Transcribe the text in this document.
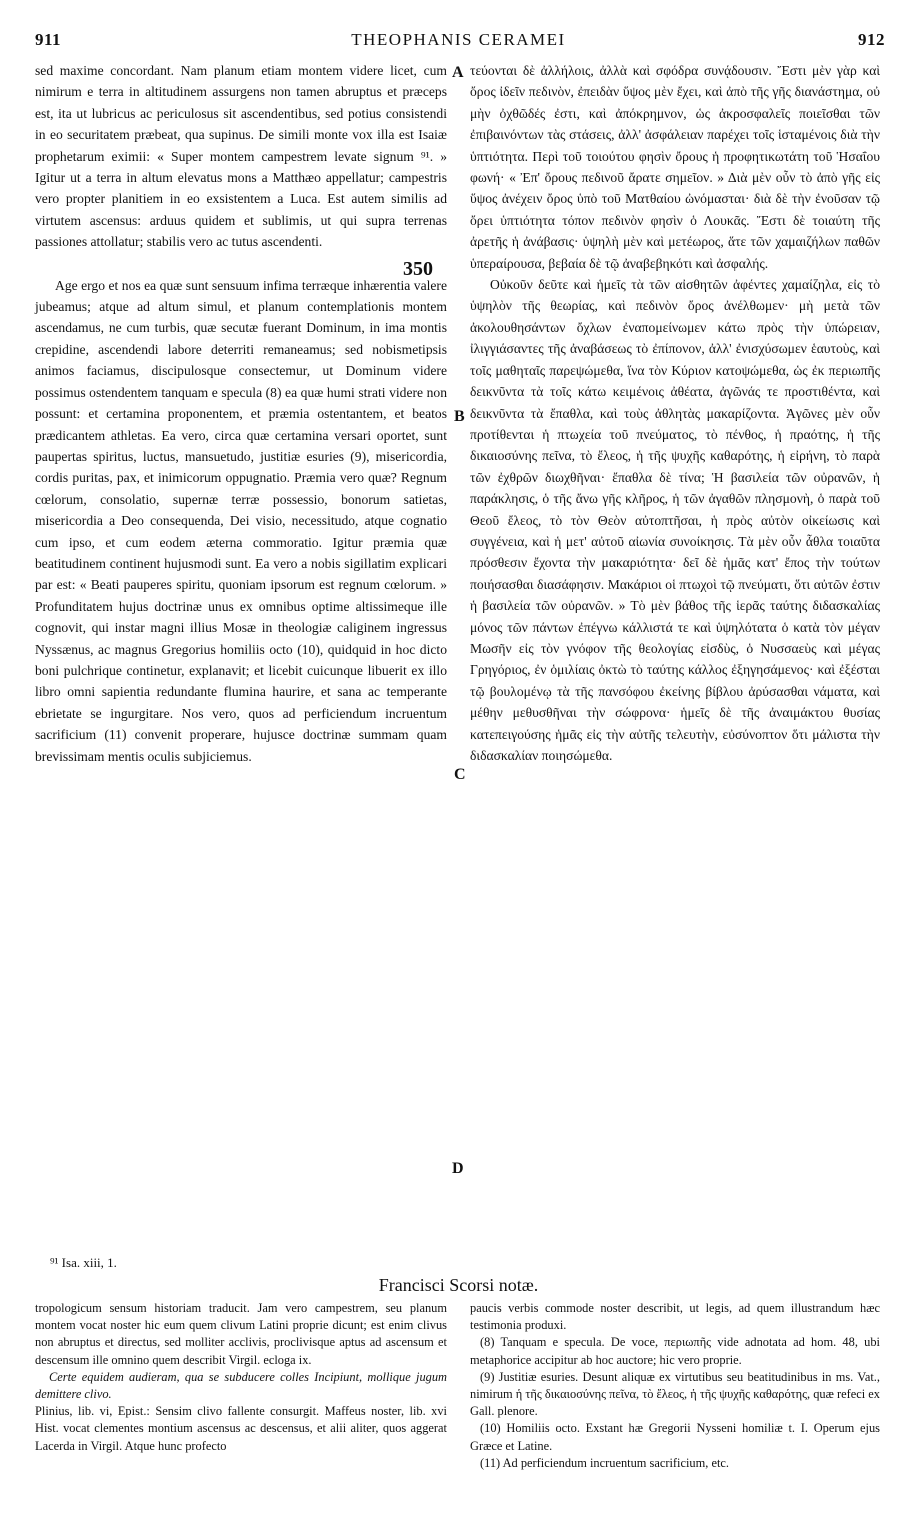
911	THEOPHANIS CERAMEI	912

sed maxime concordant. Nam planum etiam montem videre licet, cum nimirum e terra in altitudinem assurgens non tamen abruptus et præceps est, ita ut lubricus ac periculosus sit ascendentibus, sed potius consistendi in eo securitatem præbeat, qua supinus. De simili monte vox illa est Isaiæ prophetarum eximii: « Super montem campestrem levate signum ⁹¹. » Igitur ut a terra in altum elevatus mons a Matthæo appellatur; campestris vero propter planitiem in eo exsistentem a Luca. Est autem similis ad virtutem ascensus: arduus quidem et sublimis, ut qui supra terrenas passiones attollatur; stabilis vero ac tutus ascendenti.

Age ergo et nos ea quæ sunt sensuum infima terræque inhærentia valere jubeamus; atque ad altum simul, et planum contemplationis montem ascendamus, ne cum turbis, quæ secutæ fuerant Dominum, in ima montis crepidine, ascendendi labore deterriti remaneamus; sed nobismetipsis animos faciamus, discipulosque consectemur, ut Dominum videre possimus ostendentem tanquam e specula (8) ea quæ humi strati videre non possunt: et certamina proponentem, et præmia ostentantem, et beatos prædicantem athletas. Ea vero, circa quæ certamina versari oportet, sunt paupertas spiritus, luctus, mansuetudo, justitiæ esuries (9), misericordia, cordis puritas, pax, et inimicorum oppugnatio. Præmia vero quæ? Regnum cœlorum, consolatio, supernæ terræ possessio, bonorum satietas, misericordia a Deo consequenda, Dei visio, necessitudo, atque cognatio cum ipso, et cum eodem æterna commoratio. Igitur præmia quæ beatitudinem continent hujusmodi sunt. Ea vero a nobis sigillatim explicari par est: « Beati pauperes spiritu, quoniam ipsorum est regnum cœlorum. » Profunditatem hujus doctrinæ unus ex omnibus optime altissimeque ille cognovit, qui instar magni illius Mosæ in theologiæ caliginem ingressus Nyssænus, ac magnus Gregorius homiliis octo (10), quidquid in hoc dicto boni pulchrique continetur, explanavit; et licebit cuicunque libuerit ex illo libro omni sapientia redundante flumina haurire, et sana ac temperante ebrietate se ingurgitare. Nos vero, quos ad perficiendum incruentum sacrificium (11) convenit properare, hujusce doctrinæ summam quam brevissimam mentis oculis subjiciemus.

τεύονται δὲ ἀλλήλοις, ἀλλὰ καὶ σφόδρα συνᾴδουσιν. Ἔστι μὲν γὰρ καὶ ὄρος ἰδεῖν πεδινὸν, ἐπειδὰν ὕψος μὲν ἔχει, καὶ ἀπὸ τῆς γῆς διανάστημα, οὐ μὴν ὀχθῶδές ἐστι, καὶ ἀπόκρημνον, ὡς ἀκροσφαλεῖς ποιεῖσθαι τῶν ἐπιβαινόντων τὰς στάσεις, ἀλλ' ἀσφάλειαν παρέχει τοῖς ἱσταμένοις διὰ τὴν ὑπτιότητα. Περὶ τοῦ τοιούτου φησὶν ὄρους ἡ προφητικωτάτη τοῦ Ἡσαΐου φωνή· « Ἐπ' ὄρους πεδινοῦ ἄρατε σημεῖον. » Διὰ μὲν οὖν τὸ ἀπὸ γῆς εἰς ὕψος ἀνέχειν ὄρος ὑπὸ τοῦ Ματθαίου ὠνόμασται· διὰ δὲ τὴν ἐνοῦσαν τῷ ὄρει ὑπτιότητα τόπον πεδινὸν φησὶν ὁ Λουκᾶς. Ἔστι δὲ τοιαύτη τῆς ἀρετῆς ἡ ἀνάβασις· ὑψηλὴ μὲν καὶ μετέωρος, ἅτε τῶν χαμαιζήλων παθῶν ὑπεραίρουσα, βεβαία δὲ τῷ ἀναβεβηκότι καὶ ἀσφαλής.

Οὐκοῦν δεῦτε καὶ ἡμεῖς τὰ τῶν αἰσθητῶν ἀφέντες χαμαίζηλα, εἰς τὸ ὑψηλὸν τῆς θεωρίας, καὶ πεδινὸν ὄρος ἀνέλθωμεν· μὴ μετὰ τῶν ἀκολουθησάντων ὄχλων ἐναπομείνωμεν κάτω πρὸς τὴν ὑπώρειαν, ἰλιγγιάσαντες τῆς ἀναβάσεως τὸ ἐπίπονον, ἀλλ' ἐνισχύσωμεν ἑαυτοὺς, καὶ τοῖς μαθηταῖς παρεψώμεθα, ἵνα τὸν Κύριον κατοψώμεθα, ὡς ἐκ περιωπῆς δεικνῦντα τὰ τοῖς κάτω κειμένοις ἀθέατα, ἀγῶνάς τε προστιθέντα, καὶ δεικνῦντα τὰ ἔπαθλα, καὶ τοὺς ἀθλητὰς μακαρίζοντα. Ἀγῶνες μὲν οὖν προτίθενται ἡ πτωχεία τοῦ πνεύματος, τὸ πένθος, ἡ πραότης, ἡ τῆς δικαιοσύνης πεῖνα, τὸ ἔλεος, ἡ τῆς ψυχῆς καθαρότης, ἡ εἰρήνη, τὸ παρὰ τῶν ἐχθρῶν διωχθῆναι· ἔπαθλα δὲ τίνα; Ἡ βασιλεία τῶν οὐρανῶν, ἡ παράκλησις, ὁ τῆς ἄνω γῆς κλῆρος, ἡ τῶν ἀγαθῶν πλησμονὴ, ὁ παρὰ τοῦ Θεοῦ ἔλεος, τὸ τὸν Θεὸν αὐτοπτῆσαι, ἡ πρὸς αὐτὸν οἰκείωσις καὶ συγγένεια, καὶ ἡ μετ' αὐτοῦ αἰωνία συνοίκησις. Τὰ μὲν οὖν ἆθλα τοιαῦτα πρόσθεσιν ἔχοντα τὴν μακαριότητα· δεῖ δὲ ἡμᾶς κατ' ἔπος τὴν τούτων ποιήσασθαι διασάφησιν. Μακάριοι οἱ πτωχοὶ τῷ πνεύματι, ὅτι αὐτῶν ἐστιν ἡ βασιλεία τῶν οὐρανῶν. » Τὸ μὲν βάθος τῆς ἱερᾶς ταύτης διδασκαλίας μόνος τῶν πάντων ἐπέγνω κάλλιστά τε καὶ ὑψηλότατα ὁ κατὰ τὸν μέγαν Μωσῆν εἰς τὸν γνόφον τῆς θεολογίας εἰσδὺς, ὁ Νυσσαεὺς καὶ μέγας Γρηγόριος, ἐν ὁμιλίαις ὀκτὼ τὸ ταύτης κάλλος ἐξηγησάμενος· καὶ ἐξέσται τῷ βουλομένῳ τὰ τῆς πανσόφου ἐκείνης βίβλου ἀρύσασθαι νάματα, καὶ μέθην μεθυσθῆναι τὴν σώφρονα· ἡμεῖς δὲ τῆς ἀναιμάκτου θυσίας κατεπειγούσης ἡμᾶς εἰς τὴν αὐτῆς τελευτὴν, εὐσύνοπτον ὅτι μάλιστα τὴν διδασκαλίαν ποιησώμεθα.

A
B
C
D
350
⁹¹ Isa. xiii, 1.
Francisci Scorsi notæ.

tropologicum sensum historiam traducit. Jam vero campestrem, seu planum montem vocat noster hic eum quem clivum Latini proprie dicunt; est enim clivus non abruptus et directus, sed molliter acclivis, proclivisque aptus ad ascensum et descensum ille omnino quem describit Virgil. ecloga ix.

Certe equidem audieram, qua se subducere colles Incipiunt, mollique jugum demittere clivo.

Plinius, lib. vi, Epist.: Sensim clivo fallente consurgit. Maffeus noster, lib. xvi Hist. vocat clementes montium ascensus ac descensus, et alii aliter, quos aggerat Lacerda in Virgil. Atque hunc profecto

paucis verbis commode noster describit, ut legis, ad quem illustrandum hæc testimonia produxi.

(8) Tanquam e specula. De voce, περιωπῆς vide adnotata ad hom. 48, ubi metaphorice accipitur ab hoc auctore; hic vero proprie.

(9) Justitiæ esuries. Desunt aliquæ ex virtutibus seu beatitudinibus in ms. Vat., nimirum ἡ τῆς δικαιοσύνης πεῖνα, τὸ ἔλεος, ἡ τῆς ψυχῆς καθαρότης, quæ refeci ex Gall. plenore.

(10) Homiliis octo. Exstant hæ Gregorii Nysseni homiliæ t. I. Operum ejus Græce et Latine.

(11) Ad perficiendum incruentum sacrificium, etc.
